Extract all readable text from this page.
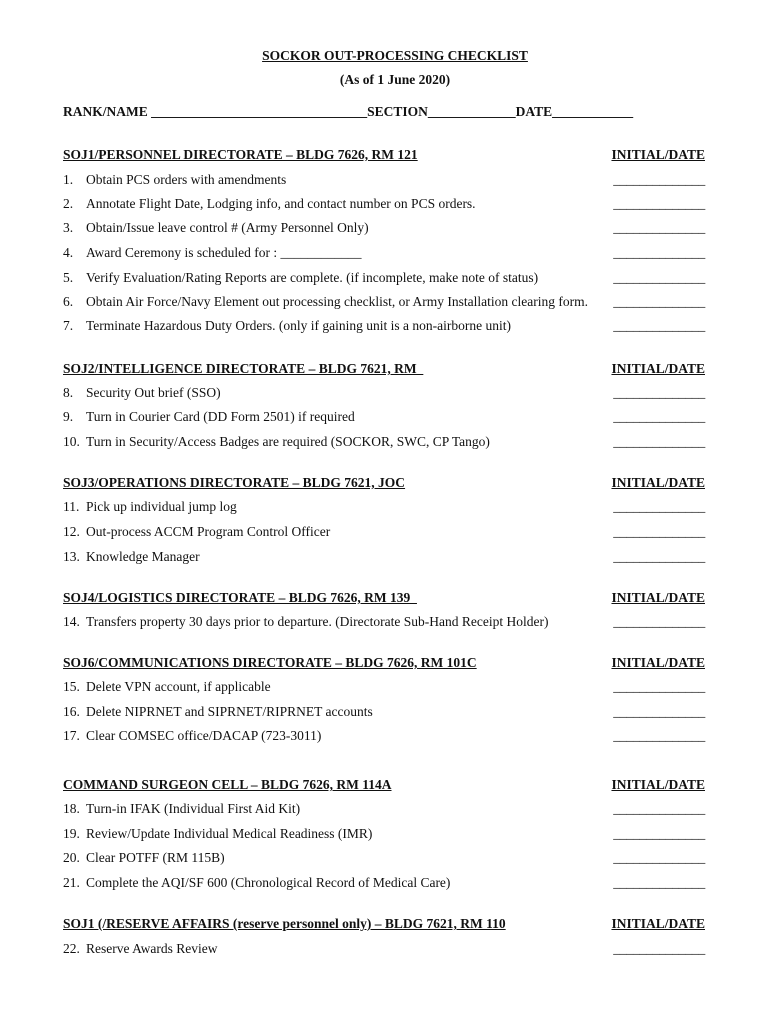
SOCKOR OUT-PROCESSING CHECKLIST
(As of 1 June 2020)
RANK/NAME ________________________________SECTION_____________DATE____________
SOJ1/PERSONNEL DIRECTORATE – BLDG 7626, RM 121	INITIAL/DATE
1. Obtain PCS orders with amendments	______________
2. Annotate Flight Date, Lodging info, and contact number on PCS orders.	______________
3. Obtain/Issue leave control # (Army Personnel Only)	______________
4. Award Ceremony is scheduled for : ____________	______________
5. Verify Evaluation/Rating Reports are complete. (if incomplete, make note of status)	______________
6. Obtain Air Force/Navy Element out processing checklist, or Army Installation clearing form. ______________
7. Terminate Hazardous Duty Orders. (only if gaining unit is a non-airborne unit)	______________
SOJ2/INTELLIGENCE DIRECTORATE – BLDG 7621, RM	INITIAL/DATE
8. Security Out brief (SSO)	______________
9. Turn in Courier Card (DD Form 2501) if required	______________
10. Turn in Security/Access Badges are required (SOCKOR, SWC, CP Tango)	______________
SOJ3/OPERATIONS DIRECTORATE – BLDG 7621, JOC	INITIAL/DATE
11. Pick up individual jump log	______________
12. Out-process ACCM Program Control Officer	______________
13. Knowledge Manager	______________
SOJ4/LOGISTICS DIRECTORATE – BLDG 7626, RM 139	INITIAL/DATE
14. Transfers property 30 days prior to departure. (Directorate Sub-Hand Receipt Holder)	______________
SOJ6/COMMUNICATIONS DIRECTORATE – BLDG 7626, RM 101C	INITIAL/DATE
15. Delete VPN account, if applicable	______________
16. Delete NIPRNET and SIPRNET/RIPRNET accounts	______________
17. Clear COMSEC office/DACAP (723-3011)	______________
COMMAND SURGEON CELL – BLDG 7626, RM 114A	INITIAL/DATE
18. Turn-in IFAK (Individual First Aid Kit)	______________
19. Review/Update Individual Medical Readiness (IMR)	______________
20. Clear POTFF (RM 115B)	______________
21. Complete the AQI/SF 600 (Chronological Record of Medical Care)	______________
SOJ1 (/RESERVE AFFAIRS (reserve personnel only) – BLDG 7621, RM 110	INITIAL/DATE
22. Reserve Awards Review	______________
